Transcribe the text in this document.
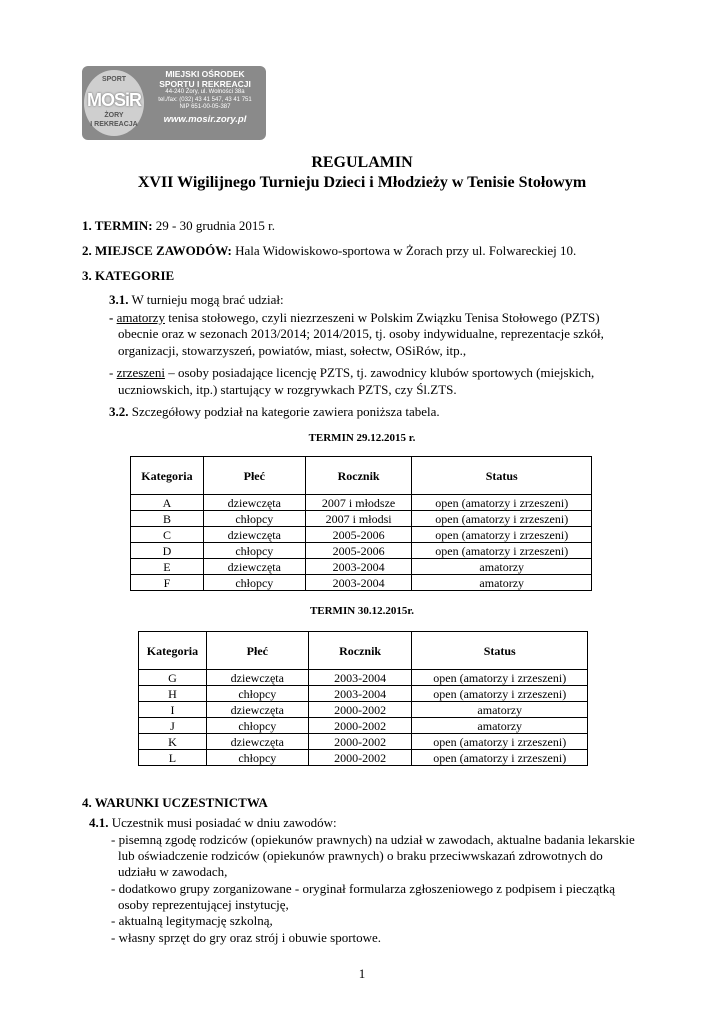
SPORT
MOSiR
ŻORY
I REKREACJA
MIEJSKI OŚRODEK
SPORTU I REKREACJI
44-240 Żory, ul. Wolności 38a
tel./fax: (032) 43 41 547, 43 41 751
NIP 651-00-05-387
www.mosir.zory.pl
REGULAMIN
XVII Wigilijnego Turnieju Dzieci i Młodzieży w Tenisie Stołowym
1. TERMIN: 29 - 30 grudnia 2015 r.
2. MIEJSCE ZAWODÓW: Hala Widowiskowo-sportowa w Żorach przy ul. Folwareckiej 10.
3. KATEGORIE
3.1. W turnieju mogą brać udział:
- amatorzy tenisa stołowego, czyli niezrzeszeni w Polskim Związku Tenisa Stołowego (PZTS)
obecnie oraz w sezonach 2013/2014; 2014/2015, tj. osoby indywidualne, reprezentacje szkół,
organizacji, stowarzyszeń, powiatów, miast, sołectw, OSiRów, itp.,
- zrzeszeni – osoby posiadające licencję PZTS, tj. zawodnicy klubów sportowych (miejskich,
uczniowskich, itp.) startujący w rozgrywkach PZTS, czy Śl.ZTS.
3.2. Szczegółowy podział na kategorie zawiera poniższa tabela.
TERMIN 29.12.2015 r.
Kategoria	Płeć	Rocznik	Status
A	dziewczęta	2007 i młodsze	open (amatorzy i zrzeszeni)
B	chłopcy	2007 i młodsi	open (amatorzy i zrzeszeni)
C	dziewczęta	2005-2006	open (amatorzy i zrzeszeni)
D	chłopcy	2005-2006	open (amatorzy i zrzeszeni)
E	dziewczęta	2003-2004	amatorzy
F	chłopcy	2003-2004	amatorzy
TERMIN 30.12.2015r.
Kategoria	Płeć	Rocznik	Status
G	dziewczęta	2003-2004	open (amatorzy i zrzeszeni)
H	chłopcy	2003-2004	open (amatorzy i zrzeszeni)
I	dziewczęta	2000-2002	amatorzy
J	chłopcy	2000-2002	amatorzy
K	dziewczęta	2000-2002	open (amatorzy i zrzeszeni)
L	chłopcy	2000-2002	open (amatorzy i zrzeszeni)
4. WARUNKI UCZESTNICTWA
4.1. Uczestnik musi posiadać w dniu zawodów:
- pisemną zgodę rodziców (opiekunów prawnych) na udział w zawodach, aktualne badania lekarskie
lub oświadczenie rodziców (opiekunów prawnych) o braku przeciwwskazań zdrowotnych do
udziału w zawodach,
- dodatkowo grupy zorganizowane - oryginał formularza zgłoszeniowego z podpisem i pieczątką
osoby reprezentującej instytucję,
- aktualną legitymację szkolną,
- własny sprzęt do gry oraz strój i obuwie sportowe.
1
